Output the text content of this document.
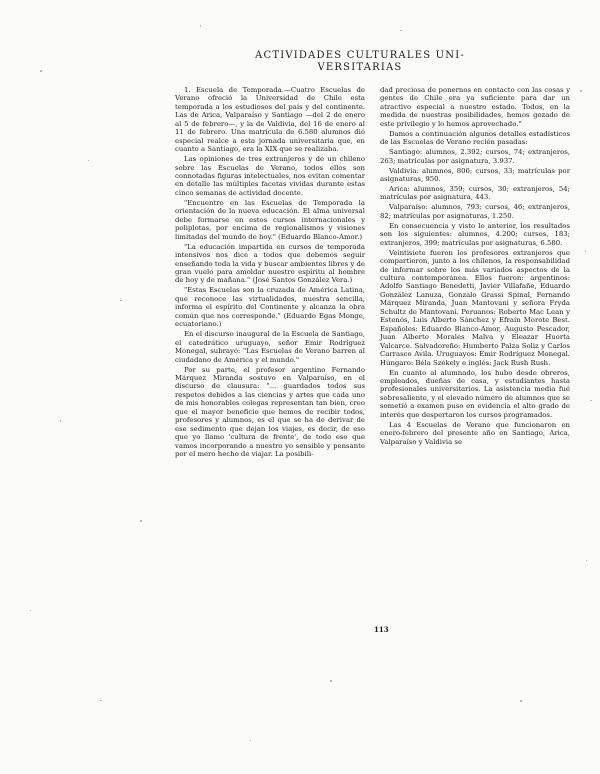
ACTIVIDADES CULTURALES UNI-
VERSITARIAS

1. Escuela de Temporada.—Cuatro Escuelas de Verano ofreció la Universidad de Chile esta temporada a los estudiosos del país y del continente. Las de Arica, Valparaíso y Santiago —del 2 de enero al 5 de febrero—, y la de Valdivia, del 16 de enero al 11 de febrero. Una matrícula de 6.580 alumnos dió especial realce a esta jornada universitaria que, en cuanto a Santiago, era la XIX que se realizaba.

Las opiniones de tres extranjeros y de un chileno sobre las Escuelas de Verano, todos ellos son connotadas figuras intelectuales, nos evitan comentar en detalle las múltiples facetas vividas durante estas cinco semanas de actividad docente.

"Encuentro en las Escuelas de Temporada la orientación de la nueva educación. El alma universal debe formarse en estos cursos internacionales y poliplotas, por encima de regionalismos y visiones limitadas del mundo de hoy." (Eduardo Blanco-Amor.)

"La educación impartida en cursos de temporada intensivos nos dice a todos que debemos seguir enseñando toda la vida y buscar ambientes libres y de gran vuelo para amoldar nuestro espíritu al hombre de hoy y de mañana." (José Santos González Vera.)

"Estas Escuelas son la cruzada de América Latina, que reconoce las virtualidades, nuestra sencilla, informa el espíritu del Continente y alcanza la obra común que nos corresponde." (Eduardo Egas Monge, ecuatoriano.)

En el discurso inaugural de la Escuela de Santiago, el catedrático uruguayo, señor Emir Rodríguez Monegal, subrayó: "Las Escuelas de Verano barren al ciudadano de América y el mundo."

Por su parte, el profesor argentino Fernando Márquez Miranda sostuvo en Valparaíso, en el discurso de clausura: "... guardados todos sus respetos debidos a las ciencias y artes que cada uno de mis honorables colegas representan tan bien, creo que el mayor beneficio que hemos de recibir todos, profesores y alumnos, es el que se ha de derivar de ese sedimento que dejan los viajes, es decir, de eso que yo llamo 'cultura de frente', de todo eso que vamos incorporando a nuestro yo sensible y pensante por el mero hecho de viajar. La posibili-

dad preciosa de ponernos en contacto con las cosas y gentes de Chile era ya suficiente para dar un atractivo especial a nuestro estado. Todos, en la medida de nuestras posibilidades, hemos gozado de este privilegio y lo hemos aprovechado."

Damos a continuación algunos detalles estadísticos de las Escuelas de Verano recién pasadas:

Santiago: alumnos, 2.392; cursos, 74; extranjeros, 263; matrículas por asignatura, 3.937.

Valdivia: alumnos, 806; cursos, 33; matrículas por asignaturas, 950.

Arica: alumnos, 359; cursos, 30; extranjeros, 54; matrículas por asignatura, 443.

Valparaíso: alumnos, 793; cursos, 46; extranjeros, 82; matrículas por asignaturas, 1.250.

En consecuencia y visto lo anterior, los resultados son los siguientes: alumnos, 4.200; cursos, 183; extranjeros, 399; matrículas por asignaturas, 6.580.

Veintisiete fueron los profesores extranjeros que compartieron, junto a los chilenos, la responsabilidad de informar sobre los más variados aspectos de la cultura contemporánea. Ellos fueron: argentinos: Adolfo Santiago Benedetti, Javier Villafañe, Eduardo González Lanuza, Gonzalo Grassi Spinal, Fernando Márquez Miranda, Juan Mantovani y señora Fryda Schultz de Mantovani. Peruanos: Roberto Mac Lean y Estenós, Luis Alberto Sánchez y Efraín Morote Best. Españoles: Eduardo Blanco-Amor, Augusto Pescador, Juan Alberto Morales Malva y Eleazar Huerta Valcarce. Salvadoreño: Humberto Palza Soliz y Carlos Carrasco Avila. Uruguayos: Emir Rodríguez Monegal. Húngaro: Béla Székely e inglés: Jack Rush Rush.

En cuanto al alumnado, los hubo desde obreros, empleados, dueñas de casa, y estudiantes hasta profesionales universitarios. La asistencia media fué sobresaliente, y el elevado número de alumnos que se sometió a examen puso en evidencia el alto grado de interés que despertaron los cursos programados.

Las 4 Escuelas de Verano que funcionaron en enero-febrero del presente año en Santiago, Arica, Valparaíso y Valdivia se

113
